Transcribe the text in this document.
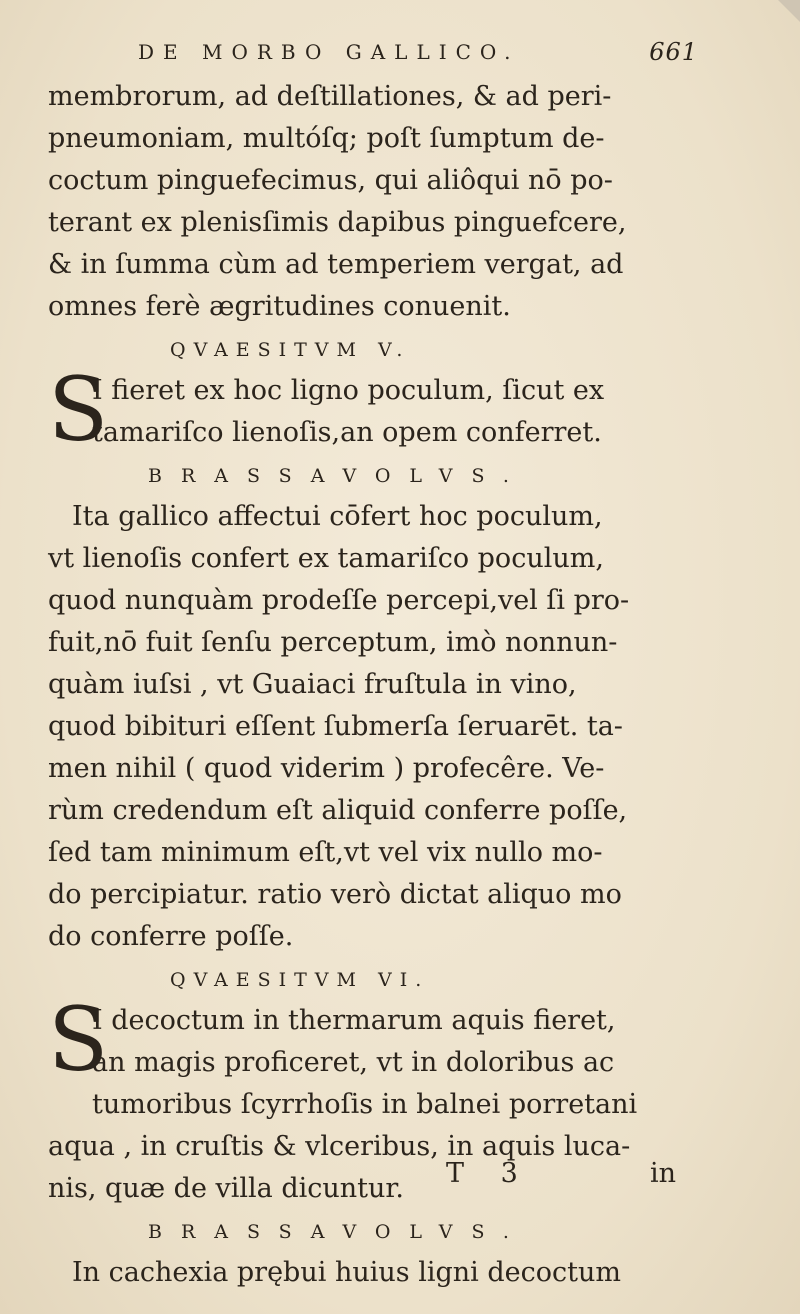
DE MORBO GALLICO.	661
membrorum, ad deſtillationes, & ad peri-
pneumoniam, multóſq; poſt ſumptum de-
coctum pinguefecimus, qui aliôqui nō po-
terant ex plenisſimis dapibus pinguefcere,
& in ſumma cùm ad temperiem vergat, ad
omnes ferè ægritudines conuenit.
QVAESITVM V.
S
I fieret ex hoc ligno poculum, ſicut ex
tamariſco lienoſis,an opem conferret.
BRASSAVOLVS.
Ita gallico affectui cōfert hoc poculum,
vt lienoſis confert ex tamariſco poculum,
quod nunquàm prodeſſe percepi,vel ſi pro-
fuit,nō fuit ſenſu perceptum, imò nonnun-
quàm iuſsi , vt Guaiaci fruſtula in vino,
quod bibituri eſſent ſubmerſa ſeruarēt. ta-
men nihil ( quod viderim ) profecêre. Ve-
rùm credendum eſt aliquid conferre poſſe,
ſed tam minimum eſt,vt vel vix nullo mo-
do percipiatur. ratio verò dictat aliquo mo
do conferre poſſe.
QVAESITVM VI.
S
I decoctum in thermarum aquis fieret,
an magis proficeret, vt in doloribus ac
tumoribus ſcyrrhoſis in balnei porretani
aqua , in cruſtis & vlceribus, in aquis luca-
nis, quæ de villa dicuntur.
BRASSAVOLVS.
In cachexia prębui huius ligni decoctum
T 3	in
